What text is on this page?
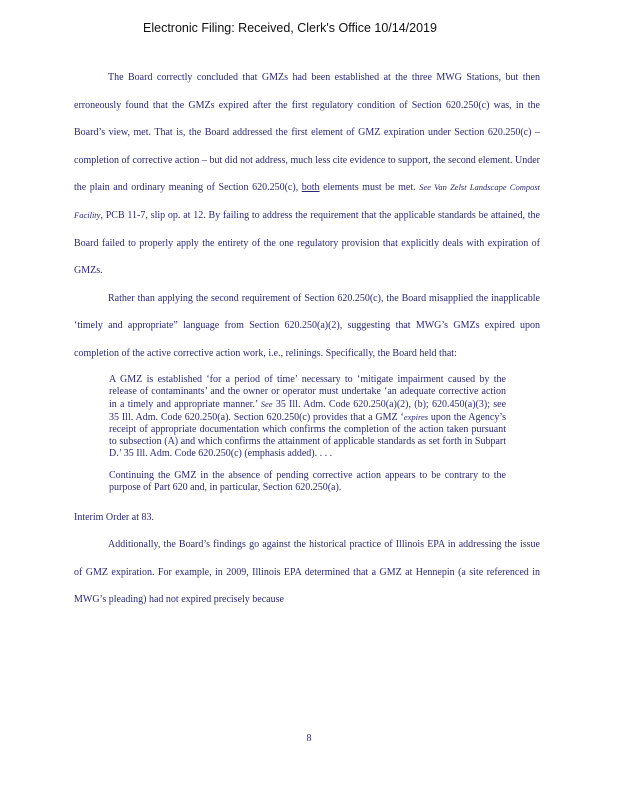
Electronic Filing: Received, Clerk's Office 10/14/2019

The Board correctly concluded that GMZs had been established at the three MWG Stations, but then erroneously found that the GMZs expired after the first regulatory condition of Section 620.250(c) was, in the Board’s view, met. That is, the Board addressed the first element of GMZ expiration under Section 620.250(c) – completion of corrective action – but did not address, much less cite evidence to support, the second element. Under the plain and ordinary meaning of Section 620.250(c), both elements must be met. See Van Zelst Landscape Compost Facility, PCB 11-7, slip op. at 12. By failing to address the requirement that the applicable standards be attained, the Board failed to properly apply the entirety of the one regulatory provision that explicitly deals with expiration of GMZs.

Rather than applying the second requirement of Section 620.250(c), the Board misapplied the inapplicable ‘timely and appropriate” language from Section 620.250(a)(2), suggesting that MWG’s GMZs expired upon completion of the active corrective action work, i.e., relinings. Specifically, the Board held that:

A GMZ is established ‘for a period of time’ necessary to ‘mitigate impairment caused by the release of contaminants’ and the owner or operator must undertake ‘an adequate corrective action in a timely and appropriate manner.’ See 35 Ill. Adm. Code 620.250(a)(2), (b); 620.450(a)(3); see 35 Ill. Adm. Code 620.250(a). Section 620.250(c) provides that a GMZ ‘expires upon the Agency’s receipt of appropriate documentation which confirms the completion of the action taken pursuant to subsection (A) and which confirms the attainment of applicable standards as set forth in Subpart D.’ 35 Ill. Adm. Code 620.250(c) (emphasis added). . . .

Continuing the GMZ in the absence of pending corrective action appears to be contrary to the purpose of Part 620 and, in particular, Section 620.250(a).

Interim Order at 83.

Additionally, the Board’s findings go against the historical practice of Illinois EPA in addressing the issue of GMZ expiration. For example, in 2009, Illinois EPA determined that a GMZ at Hennepin (a site referenced in MWG’s pleading) had not expired precisely because

8
